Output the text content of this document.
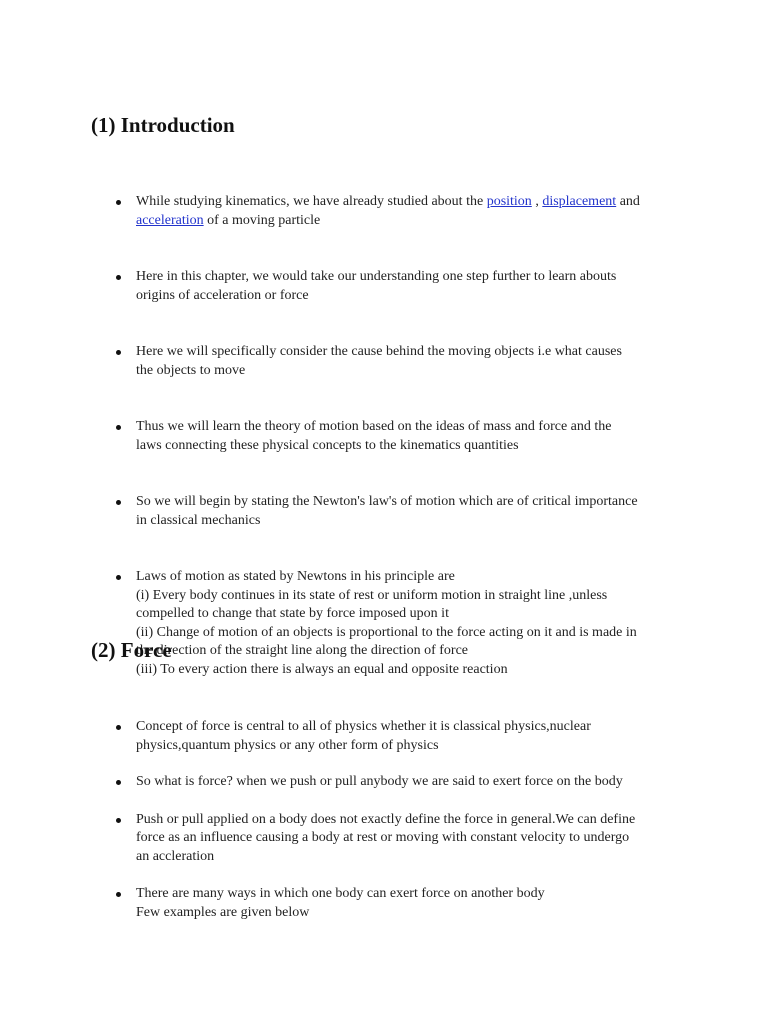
(1) Introduction
While studying kinematics, we have already studied about the position , displacement and
acceleration of a moving particle
Here in this chapter, we would take our understanding one step further to learn abouts
origins of acceleration or force
Here we will specifically consider the cause behind the moving objects i.e what causes
the objects to move
Thus we will learn the theory of motion based on the ideas of mass and force and the
laws connecting these physical concepts to the kinematics quantities
So we will begin by stating the Newton's law's of motion which are of critical importance
in classical mechanics
Laws of motion as stated by Newtons in his principle are
(i) Every body continues in its state of rest or uniform motion in straight line ,unless
compelled to change that state by force imposed upon it
(ii) Change of motion of an objects is proportional to the force acting on it and is made in
the direction of the straight line along the direction of force
(iii) To every action there is always an equal and opposite reaction
(2) Force
Concept of force is central to all of physics whether it is classical physics,nuclear
physics,quantum physics or any other form of physics
So what is force? when we push or pull anybody we are said to exert force on the body
Push or pull applied on a body does not exactly define the force in general.We can define
force as an influence causing a body at rest or moving with constant velocity to undergo
an accleration
There are many ways in which one body can exert force on another body
Few examples are given below
